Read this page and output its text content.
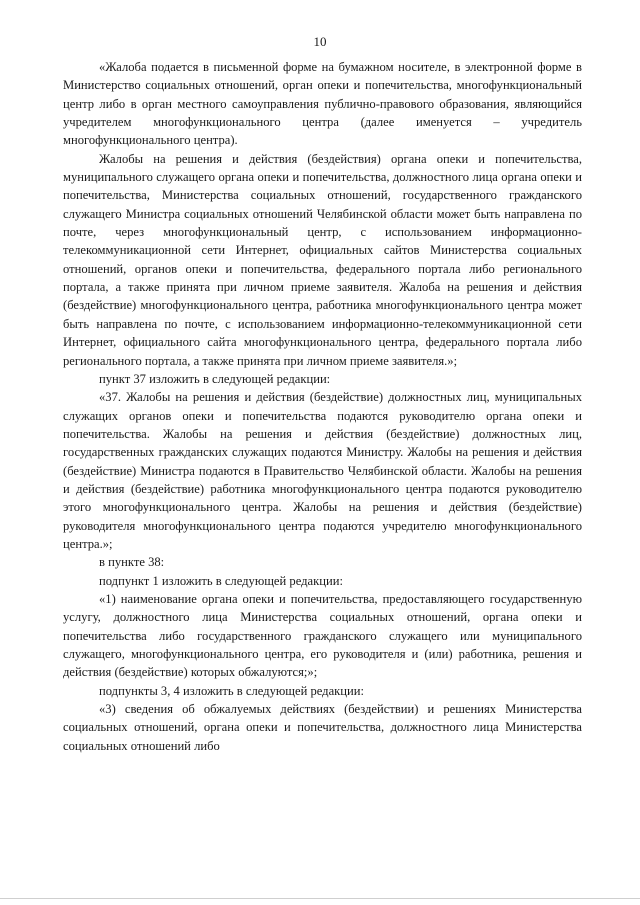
10

«Жалоба подается в письменной форме на бумажном носителе, в электронной форме в Министерство социальных отношений, орган опеки и попечительства, многофункциональный центр либо в орган местного самоуправления публично-правового образования, являющийся учредителем многофункционального центра (далее именуется – учредитель многофункционального центра).

Жалобы на решения и действия (бездействия) органа опеки и попечительства, муниципального служащего органа опеки и попечительства, должностного лица органа опеки и попечительства, Министерства социальных отношений, государственного гражданского служащего Министра социальных отношений Челябинской области может быть направлена по почте, через многофункциональный центр, с использованием информационно-телекоммуникационной сети Интернет, официальных сайтов Министерства социальных отношений, органов опеки и попечительства, федерального портала либо регионального портала, а также принята при личном приеме заявителя. Жалоба на решения и действия (бездействие) многофункционального центра, работника многофункционального центра может быть направлена по почте, с использованием информационно-телекоммуникационной сети Интернет, официального сайта многофункционального центра, федерального портала либо регионального портала, а также принята при личном приеме заявителя.»;

пункт 37 изложить в следующей редакции:

«37. Жалобы на решения и действия (бездействие) должностных лиц, муниципальных служащих органов опеки и попечительства подаются руководителю органа опеки и попечительства. Жалобы на решения и действия (бездействие) должностных лиц, государственных гражданских служащих подаются Министру. Жалобы на решения и действия (бездействие) Министра подаются в Правительство Челябинской области. Жалобы на решения и действия (бездействие) работника многофункционального центра подаются руководителю этого многофункционального центра. Жалобы на решения и действия (бездействие) руководителя многофункционального центра подаются учредителю многофункционального центра.»;

в пункте 38:

подпункт 1 изложить в следующей редакции:

«1) наименование органа опеки и попечительства, предоставляющего государственную услугу, должностного лица Министерства социальных отношений, органа опеки и попечительства либо государственного гражданского служащего или муниципального служащего, многофункционального центра, его руководителя и (или) работника, решения и действия (бездействие) которых обжалуются;»;

подпункты 3, 4 изложить в следующей редакции:

«3) сведения об обжалуемых действиях (бездействии) и решениях Министерства социальных отношений, органа опеки и попечительства, должностного лица Министерства социальных отношений либо
